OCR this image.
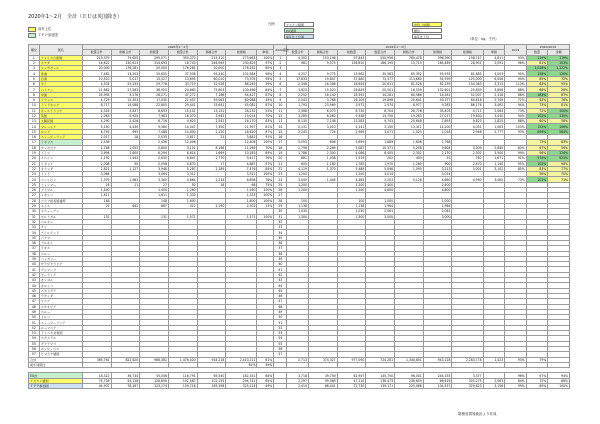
2020年1〜2月　全計（ＥＵは英国除き）
前年上位
ＴＰＰ参加国
凡例	アセアン諸国
EU諸国
前年比上位国
中位（中国）
順位
前年比上位	（単位：kg、千円）
順位	国名	2020年1〜2月							2020順位	2019年1〜2月								2019	2020/2019	
		数量合計	価格合計	総数量	数量合計	価格合計	総価格	単価		数量合計	価格合計	総数量	数量合計	価格合計	総価格	総価格	単価		数量	金額
1	アメリカ合衆国	215,379	79,655	295,071	350,370	215,310	273,663	100%	1	4,302	153,146	97,843	250,956	760,478	396,390	158,747	4,811	93%	119%	119%
2	カナダ	16,622	230,613	314,693	18,743	246,949	230,629	97%	2	961	9,575	156,610	166,195	15,715	164,469	28,951	2,091	96%	81%	103%
3	シンガポール	20,000	176,281	20,000	176,281	20,000	176,281	85%	3										1,028%	1,122%
4	香港	7,482	13,203	20,855	37,336	95,240	102,584	96%	4	4,207	9,775	13,982	30,583	65,352	95,935	81,885	4,203	95%	158%	126%
5	台湾	10,510	5,017	15,527	13,695	60,010	73,705	94%	5	17,833	19,647	37,480	73,377	113,660	91,599	125,000	6,006	94%	85%	72%
6	タイ	4,533	25,243	29,776	33,719	52,526	86,245	39%	6	2,348	16,306	18,654	20,611	61,528	82,139	154,383	3,313	113%	63%	92%
7	ベトナム	11,662	27,263	38,925	24,663	75,803	100,466	84%	7	3,823	15,020	18,843	20,501	16,559	132,601	25,839	3,808	88%	66%	28%
8	中国	24,995	3,276	28,271	47,272	7,166	54,427	87%	8	2,252	16,140	18,392	14,281	60,986	14,261	52,007	2,316	88%	183%	87%
9	フランス	4,729	12,303	17,032	21,457	39,063	60,088	43%	9	2,543	3,768	16,109	19,898	20,641	33,377	84,818	2,749	72%	63%	76%
10	インドネシア	8,717	14,088	22,805	29,441	15,641	45,082	87%	10	1,793	23,969	3,972	2,974	8,977	9,283	86,176	3,062	94%	73%	81%
11	オーストラリア	4,316	3,837	8,653	15,101	13,131	28,232	53%	11	2,568	6,070	8,730	8,704	26,778	35,403	4,711	2,064	73%	72%	100%
12	英国	2,063	5,920	7,983	16,070	3,945	19,014	70%	12	3,285	6,063	9,348	13,750	19,263	27,017	19,830	3,042	94%	102%	130%
13	大韓民国	4,290	2,426	6,716	4,620	2,542	16,170	83%	13	6,135	7,148	13,283	9,743	20,648	7,893	9,823	1,825	88%	60%	58%
14	マレーシア	5,150	4,430	9,580	14,047	7,350	21,397	81%	14	2,131	3,010	5,141	3,150	13,311	14,200	4,051	1,063	103%	152%	106%
15	ロシア	6,793	695	7,488	14,800	2,120	16,620	87%	15	2,245	724	2,969	3,071	1,025	1,018	2,946	2,777	93%	699%	564%
16	ニュージーランド	2,017	18	2,035	3,817	25	3,842	91%	16											
17	イギリス	2,436		2,436	12,406		12,406	100%	17	5,093	606	5,699	1,889	1,606	1,768				73%	83%
18	カンボジア	1,748	1,052	2,800	3,101	8,168	11,269	70%	18	2,798	2,289	5,087	10,371	5,258	9,604	3,009	2,640	83%	67%	56%
19	ドイツ	3,694	2,600	6,294	8,614	1,669	10,283	89%	19	1,786	2,300	4,086	8,405	2,302	2,130	2,302	3,500	99%	96%	124%
20	スペイン	1,192	1,443	2,635	6,647	2,770	9,417	76%	20	881	1,038	1,919	202	459	51	762	1,671	91%	574%	523%
21	イタリア	2,008	50	2,058	4,870	17	4,887	97%	21	605	1,180	1,785	1,970	1,260	900	2,470	1,140	95%	102%	98%
22	オランダ	2,821	1,127	3,948	5,287	2,189	7,476	84%	22	4,119	1,370	5,489	5,096	1,095	3,213	5,001	3,102	85%	83%	77%
23	インド	3,064		3,064	3,312		3,312	100%	23	1,200		1,200	3,014		3,014				58%	70%
24	フィリピン	1,379	1,983	3,362	4,664	2,234	6,898	76%	24	3,040	1,444	4,484	2,203	5,126	4,660	4,990	3,082	73%	101%	71%
25	ミャンマー	16	11	27	50	16	66	75%	25	1,200		1,200	2,400		2,400					
26	ブラジル	1,400		1,400	1,260		1,260	100%	26	1,200		1,200	4,800		4,800					
27	メキシコ	1,611		1,611	1,333		1,333	100%	27											
28	アラブ首長国連邦	148		148	1,600		1,600	100%	28	100		100	1,000		1,000					
29	スイス	25	642	667	312	2,190	2,502	12%	29	1,138		1,138	1,964		1,964					
30	スウェーデン								30	1,030		1,030	2,061		2,061					
31	ポルトガル	131		131	1,571		1,571	100%	31	1,300		1,300	3,000		3,000					
32	ベルギー								32											
33	チリ								33											
34	アイルランド								34											
35	パナマ								35											
36	ブルネイ								36											
37	ラオス								37											
38	ペルー								38											
39	ハンガリー								39											
40	サウジアラビア								40											
41	デンマーク								41											
42	ポーランド								42											
43	モンゴル								43											
44	モロッコ								44											
45	ニカラグア								45											
46	ウガンダ								46											
47	ケニア								47											
48	エチオピア								48											
49	ペルー								49											
50	トルコ								50											
51	ニュージーランド								51											
52	ルーマニア								52											
53	ドミニカ共和国								53											
54	エクアドル								54											
55	グアテマラ								55											
56	ホンジュラス								56											
57	ヒマラヤ諸国								57											
合計		365,761	622,620	988,381	1,476,020	934,218	2,410,211	61%		2,713	374,327	977,090	724,281	1,340,851	943,128	2,283,778	1,423	93%	79%	
前年同期比							61%	39%												

EU計		18,322	36,734	55,056	116,791	65,540	182,331	64%		3,718	39,749	62,947	145,750	96,001	244,335	3,377		96%	67%	94%
アセアン諸国		74,728	54,128	128,856	192,587	102,154	294,741	65%		2,297	99,369	47,110	136,473	236,659	66,616	303,275	2,563	84%	72%	88%
ＴＰＰ参加国		44,907	78,267	123,174	159,716	165,398	325,114	49%		2,414	66,441	72,730	139,171	225,066	104,557	329,623	3,156	99%	89%	100%
財務省貿易統計より作成
